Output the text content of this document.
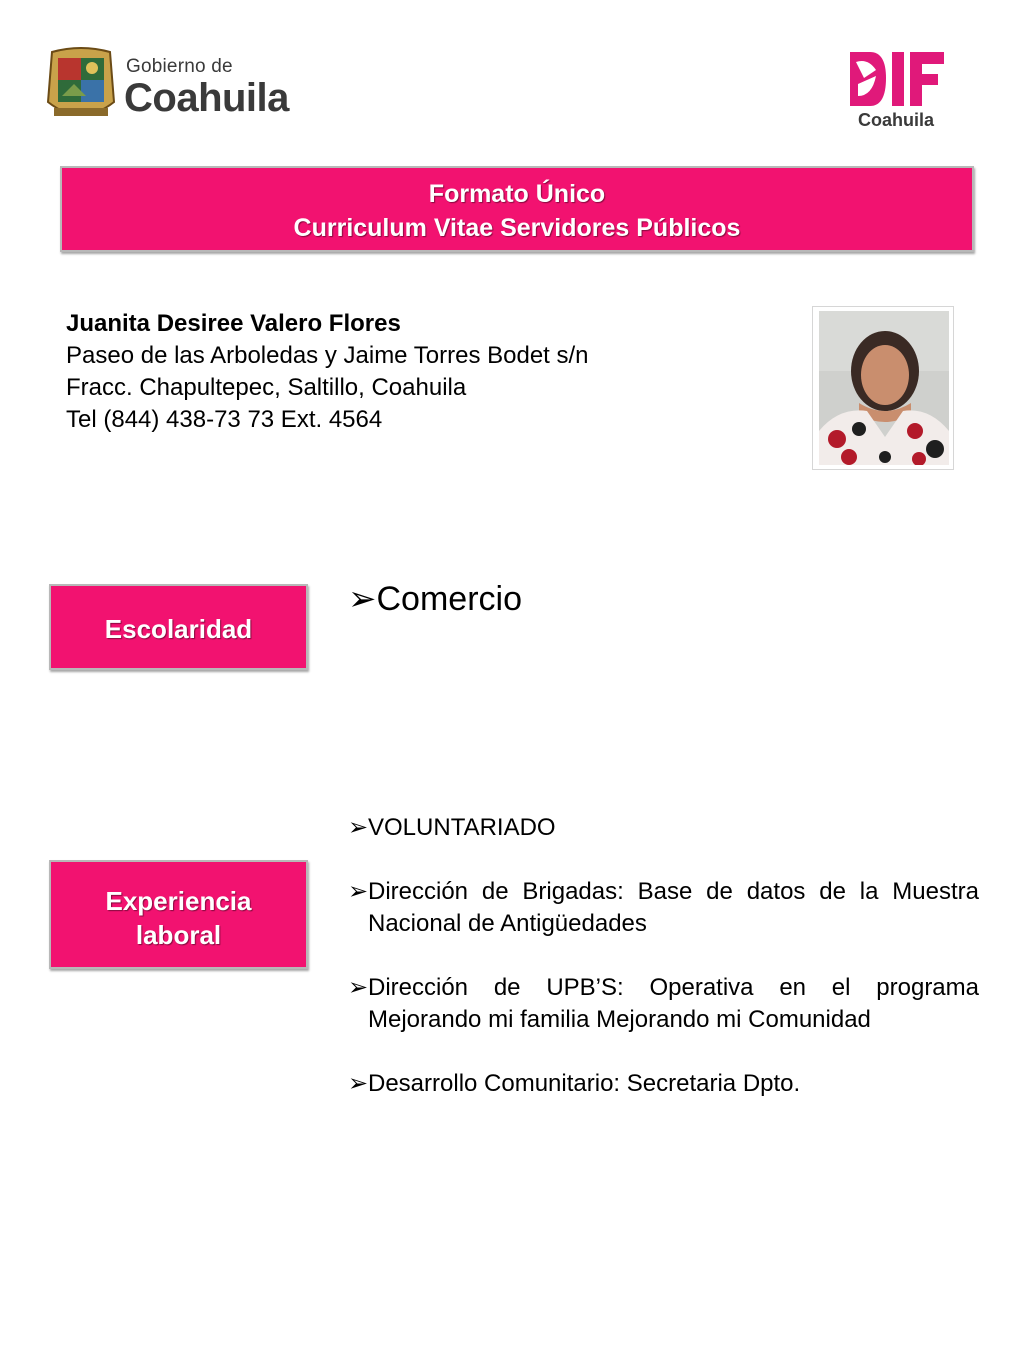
Gobierno de
Coahuila	Coahuila
Formato Único
Curriculum Vitae Servidores Públicos
Juanita Desiree Valero Flores
Paseo de las Arboledas y Jaime Torres Bodet s/n
Fracc. Chapultepec, Saltillo, Coahuila
Tel (844) 438-73 73 Ext. 4564
Escolaridad
➢Comercio
Experiencia
laboral
➢ VOLUNTARIADO
➢ Dirección de Brigadas: Base de datos de la Muestra Nacional de Antigüedades
➢ Dirección de UPB’S: Operativa en el programa Mejorando mi familia Mejorando mi Comunidad
➢ Desarrollo Comunitario: Secretaria Dpto.
